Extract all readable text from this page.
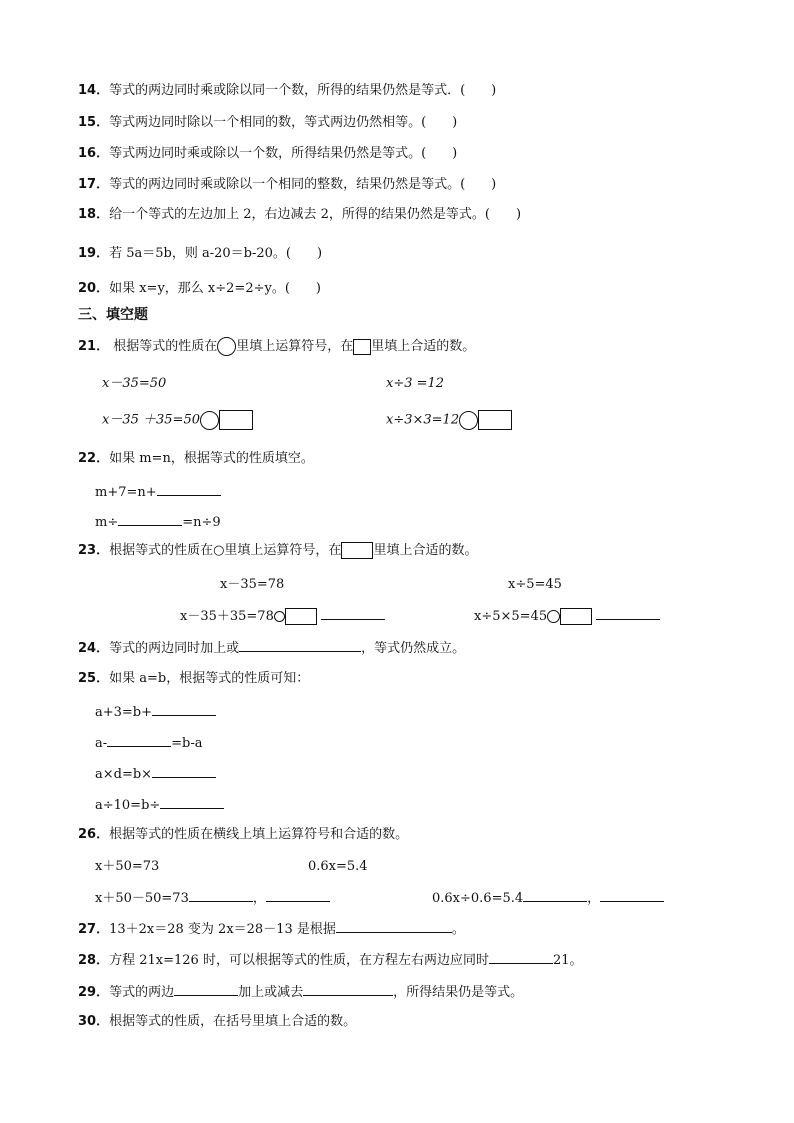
14．等式的两边同时乘或除以同一个数，所得的结果仍然是等式．(　　)
15．等式两边同时除以一个相同的数，等式两边仍然相等。(　　)
16．等式两边同时乘或除以一个数，所得结果仍然是等式。(　　)
17．等式的两边同时乘或除以一个相同的整数，结果仍然是等式。(　　)
18．给一个等式的左边加上 2，右边减去 2，所得的结果仍然是等式。(　　)
19．若 5a＝5b，则 a-20＝b-20。(　　)
20．如果 x=y，那么 x÷2=2÷y。(　　)
三、填空题
21． 根据等式的性质在 里填上运算符号，在 里填上合适的数。
x－35=50	x÷3 =12
x－35 ＋35=50	x÷3×3=12
22．如果 m=n，根据等式的性质填空。
m+7=n+
m÷	=n÷9
23．根据等式的性质在○里填上运算符号，在 里填上合适的数。
x－35=78	x÷5=45
x－35＋35=78	x÷5×5=45
24．等式的两边同时加上或	，等式仍然成立。
25．如果 a=b，根据等式的性质可知：
a+3=b+
a-	=b-a
a×d=b×
a÷10=b÷
26．根据等式的性质在横线上填上运算符号和合适的数。
x＋50=73	0.6x=5.4
x＋50－50=73	，	0.6x÷0.6=5.4	，
27．13＋2x＝28 变为 2x＝28－13 是根据	。
28．方程 21x=126 时，可以根据等式的性质，在方程左右两边应同时	21。
29．等式的两边	加上或减去	，所得结果仍是等式。
30．根据等式的性质，在括号里填上合适的数。
